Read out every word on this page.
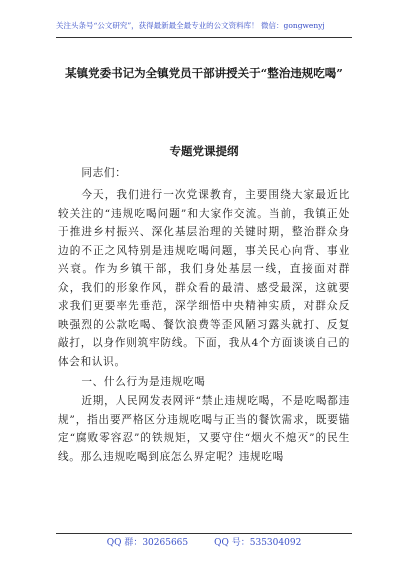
关注头条号“公文研究”，获得最新最全最专业的公文资料库！ 微信：gongwenyj
某镇党委书记为全镇党员干部讲授关于“整治违规吃喝”
专题党课提纲

同志们：

今天，我们进行一次党课教育，主要围绕大家最近比较关注的“违规吃喝问题”和大家作交流。当前，我镇正处于推进乡村振兴、深化基层治理的关键时期，整治群众身边的不正之风特别是违规吃喝问题，事关民心向背、事业兴衰。作为乡镇干部，我们身处基层一线，直接面对群众，我们的形象作风，群众看的最清、感受最深，这就要求我们更要率先垂范，深学细悟中央精神实质，对群众反映强烈的公款吃喝、餐饮浪费等歪风陋习露头就打、反复敲打，以身作则筑牢防线。下面，我从4个方面谈谈自己的体会和认识。

一、什么行为是违规吃喝

近期，人民网发表网评“禁止违规吃喝，不是吃喝都违规”，指出要严格区分违规吃喝与正当的餐饮需求，既要锚定“腐败零容忍”的铁规矩，又要守住“烟火不熄灭”的民生线。那么违规吃喝到底怎么界定呢？违规吃喝

QQ 群：30265665	QQ 号：535304092
